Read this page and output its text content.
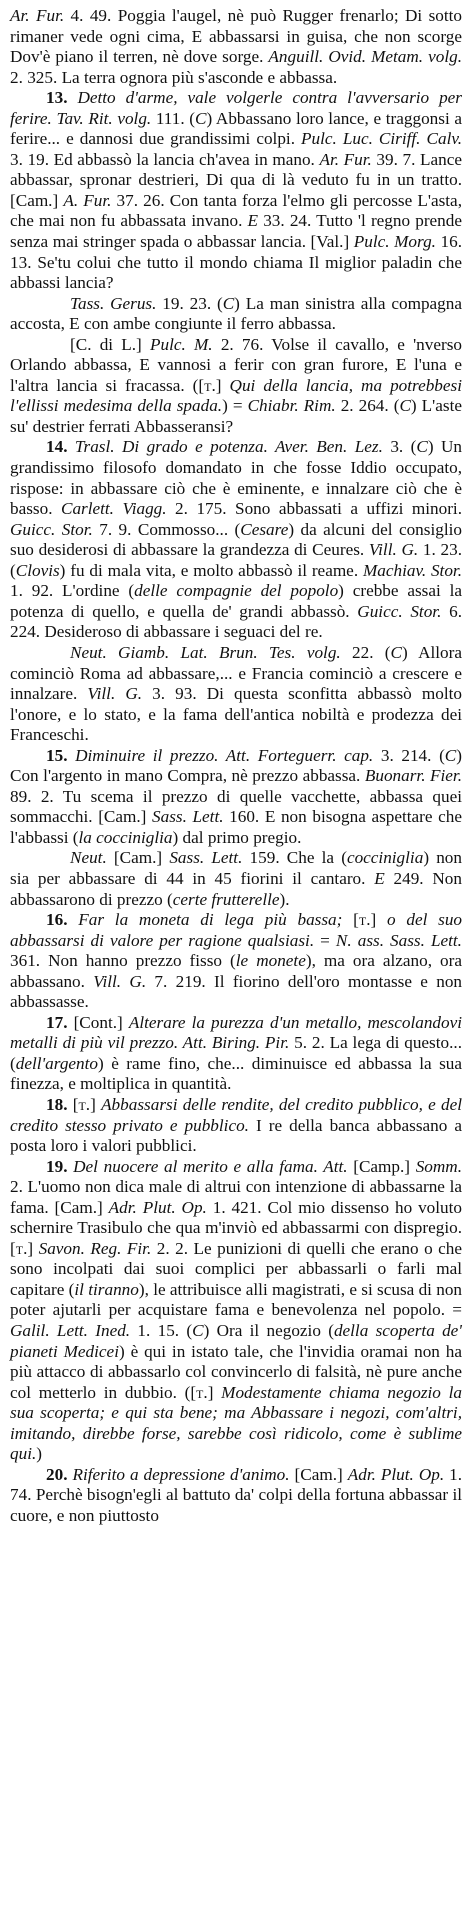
Ar. Fur. 4. 49. Poggia l'augel, nè può Rugger frenarlo; Di sotto rimaner vede ogni cima, E abbassarsi in guisa, che non scorge Dov'è piano il terren, nè dove sorge. Anguill. Ovid. Metam. volg. 2. 325. La terra ognora più s'asconde e abbassa.

13. Detto d'arme, vale volgerle contra l'avversario per ferire. Tav. Rit. volg. 111. (C) Abbassano loro lance, e traggonsi a ferire... e dannosi due grandissimi colpi. Pulc. Luc. Ciriff. Calv. 3. 19. Ed abbassò la lancia ch'avea in mano. Ar. Fur. 39. 7. Lance abbassar, spronar destrieri, Di qua di là veduto fu in un tratto. [Cam.] A. Fur. 37. 26. Con tanta forza l'elmo gli percosse L'asta, che mai non fu abbassata invano. E 33. 24. Tutto 'l regno prende senza mai stringer spada o abbassar lancia. [Val.] Pulc. Morg. 16. 13. Se'tu colui che tutto il mondo chiama Il miglior paladin che abbassi lancia?

Tass. Gerus. 19. 23. (C) La man sinistra alla compagna accosta, E con ambe congiunte il ferro abbassa.

[C. di L.] Pulc. M. 2. 76. Volse il cavallo, e 'nverso Orlando abbassa, E vannosi a ferir con gran furore, E l'una e l'altra lancia si fracassa. ([t.] Qui della lancia, ma potrebbesi l'ellissi medesima della spada.) = Chiabr. Rim. 2. 264. (C) L'aste su' destrier ferrati Abbasseransi?

14. Trasl. Di grado e potenza. Aver. Ben. Lez. 3. (C) Un grandissimo filosofo domandato in che fosse Iddio occupato, rispose: in abbassare ciò che è eminente, e innalzare ciò che è basso. Carlett. Viagg. 2. 175. Sono abbassati a uffizi minori. Guicc. Stor. 7. 9. Commosso... (Cesare) da alcuni del consiglio suo desiderosi di abbassare la grandezza di Ceures. Vill. G. 1. 23. (Clovis) fu di mala vita, e molto abbassò il reame. Machiav. Stor. 1. 92. L'ordine (delle compagnie del popolo) crebbe assai la potenza di quello, e quella de' grandi abbassò. Guicc. Stor. 6. 224. Desideroso di abbassare i seguaci del re.

Neut. Giamb. Lat. Brun. Tes. volg. 22. (C) Allora cominciò Roma ad abbassare,... e Francia cominciò a crescere e innalzare. Vill. G. 3. 93. Di questa sconfitta abbassò molto l'onore, e lo stato, e la fama dell'antica nobiltà e prodezza dei Franceschi.

15. Diminuire il prezzo. Att. Forteguerr. cap. 3. 214. (C) Con l'argento in mano Compra, nè prezzo abbassa. Buonarr. Fier. 89. 2. Tu scema il prezzo di quelle vacchette, abbassa quei sommacchi. [Cam.] Sass. Lett. 160. E non bisogna aspettare che l'abbassi (la cocciniglia) dal primo pregio.

Neut. [Cam.] Sass. Lett. 159. Che la (cocciniglia) non sia per abbassare di 44 in 45 fiorini il cantaro. E 249. Non abbassarono di prezzo (certe frutterelle).

16. Far la moneta di lega più bassa; [t.] o del suo abbassarsi di valore per ragione qualsiasi. = N. ass. Sass. Lett. 361. Non hanno prezzo fisso (le monete), ma ora alzano, ora abbassano. Vill. G. 7. 219. Il fiorino dell'oro montasse e non abbassasse.

17. [Cont.] Alterare la purezza d'un metallo, mescolandovi metalli di più vil prezzo. Att. Biring. Pir. 5. 2. La lega di questo... (dell'argento) è rame fino, che... diminuisce ed abbassa la sua finezza, e moltiplica in quantità.

18. [t.] Abbassarsi delle rendite, del credito pubblico, e del credito stesso privato e pubblico. I re della banca abbassano a posta loro i valori pubblici.

19. Del nuocere al merito e alla fama. Att. [Camp.] Somm. 2. L'uomo non dica male di altrui con intenzione di abbassarne la fama. [Cam.] Adr. Plut. Op. 1. 421. Col mio dissenso ho voluto schernire Trasibulo che qua m'inviò ed abbassarmi con dispregio. [t.] Savon. Reg. Fir. 2. 2. Le punizioni di quelli che erano o che sono incolpati dai suoi complici per abbassarli o farli mal capitare (il tiranno), le attribuisce alli magistrati, e si scusa di non poter ajutarli per acquistare fama e benevolenza nel popolo. = Galil. Lett. Ined. 1. 15. (C) Ora il negozio (della scoperta de' pianeti Medicei) è qui in istato tale, che l'invidia oramai non ha più attacco di abbassarlo col convincerlo di falsità, nè pure anche col metterlo in dubbio. ([t.] Modestamente chiama negozio la sua scoperta; e qui sta bene; ma Abbassare i negozi, com'altri, imitando, direbbe forse, sarebbe così ridicolo, come è sublime qui.)

20. Riferito a depressione d'animo. [Cam.] Adr. Plut. Op. 1. 74. Perchè bisogn'egli al battuto da' colpi della fortuna abbassar il cuore, e non piuttosto
